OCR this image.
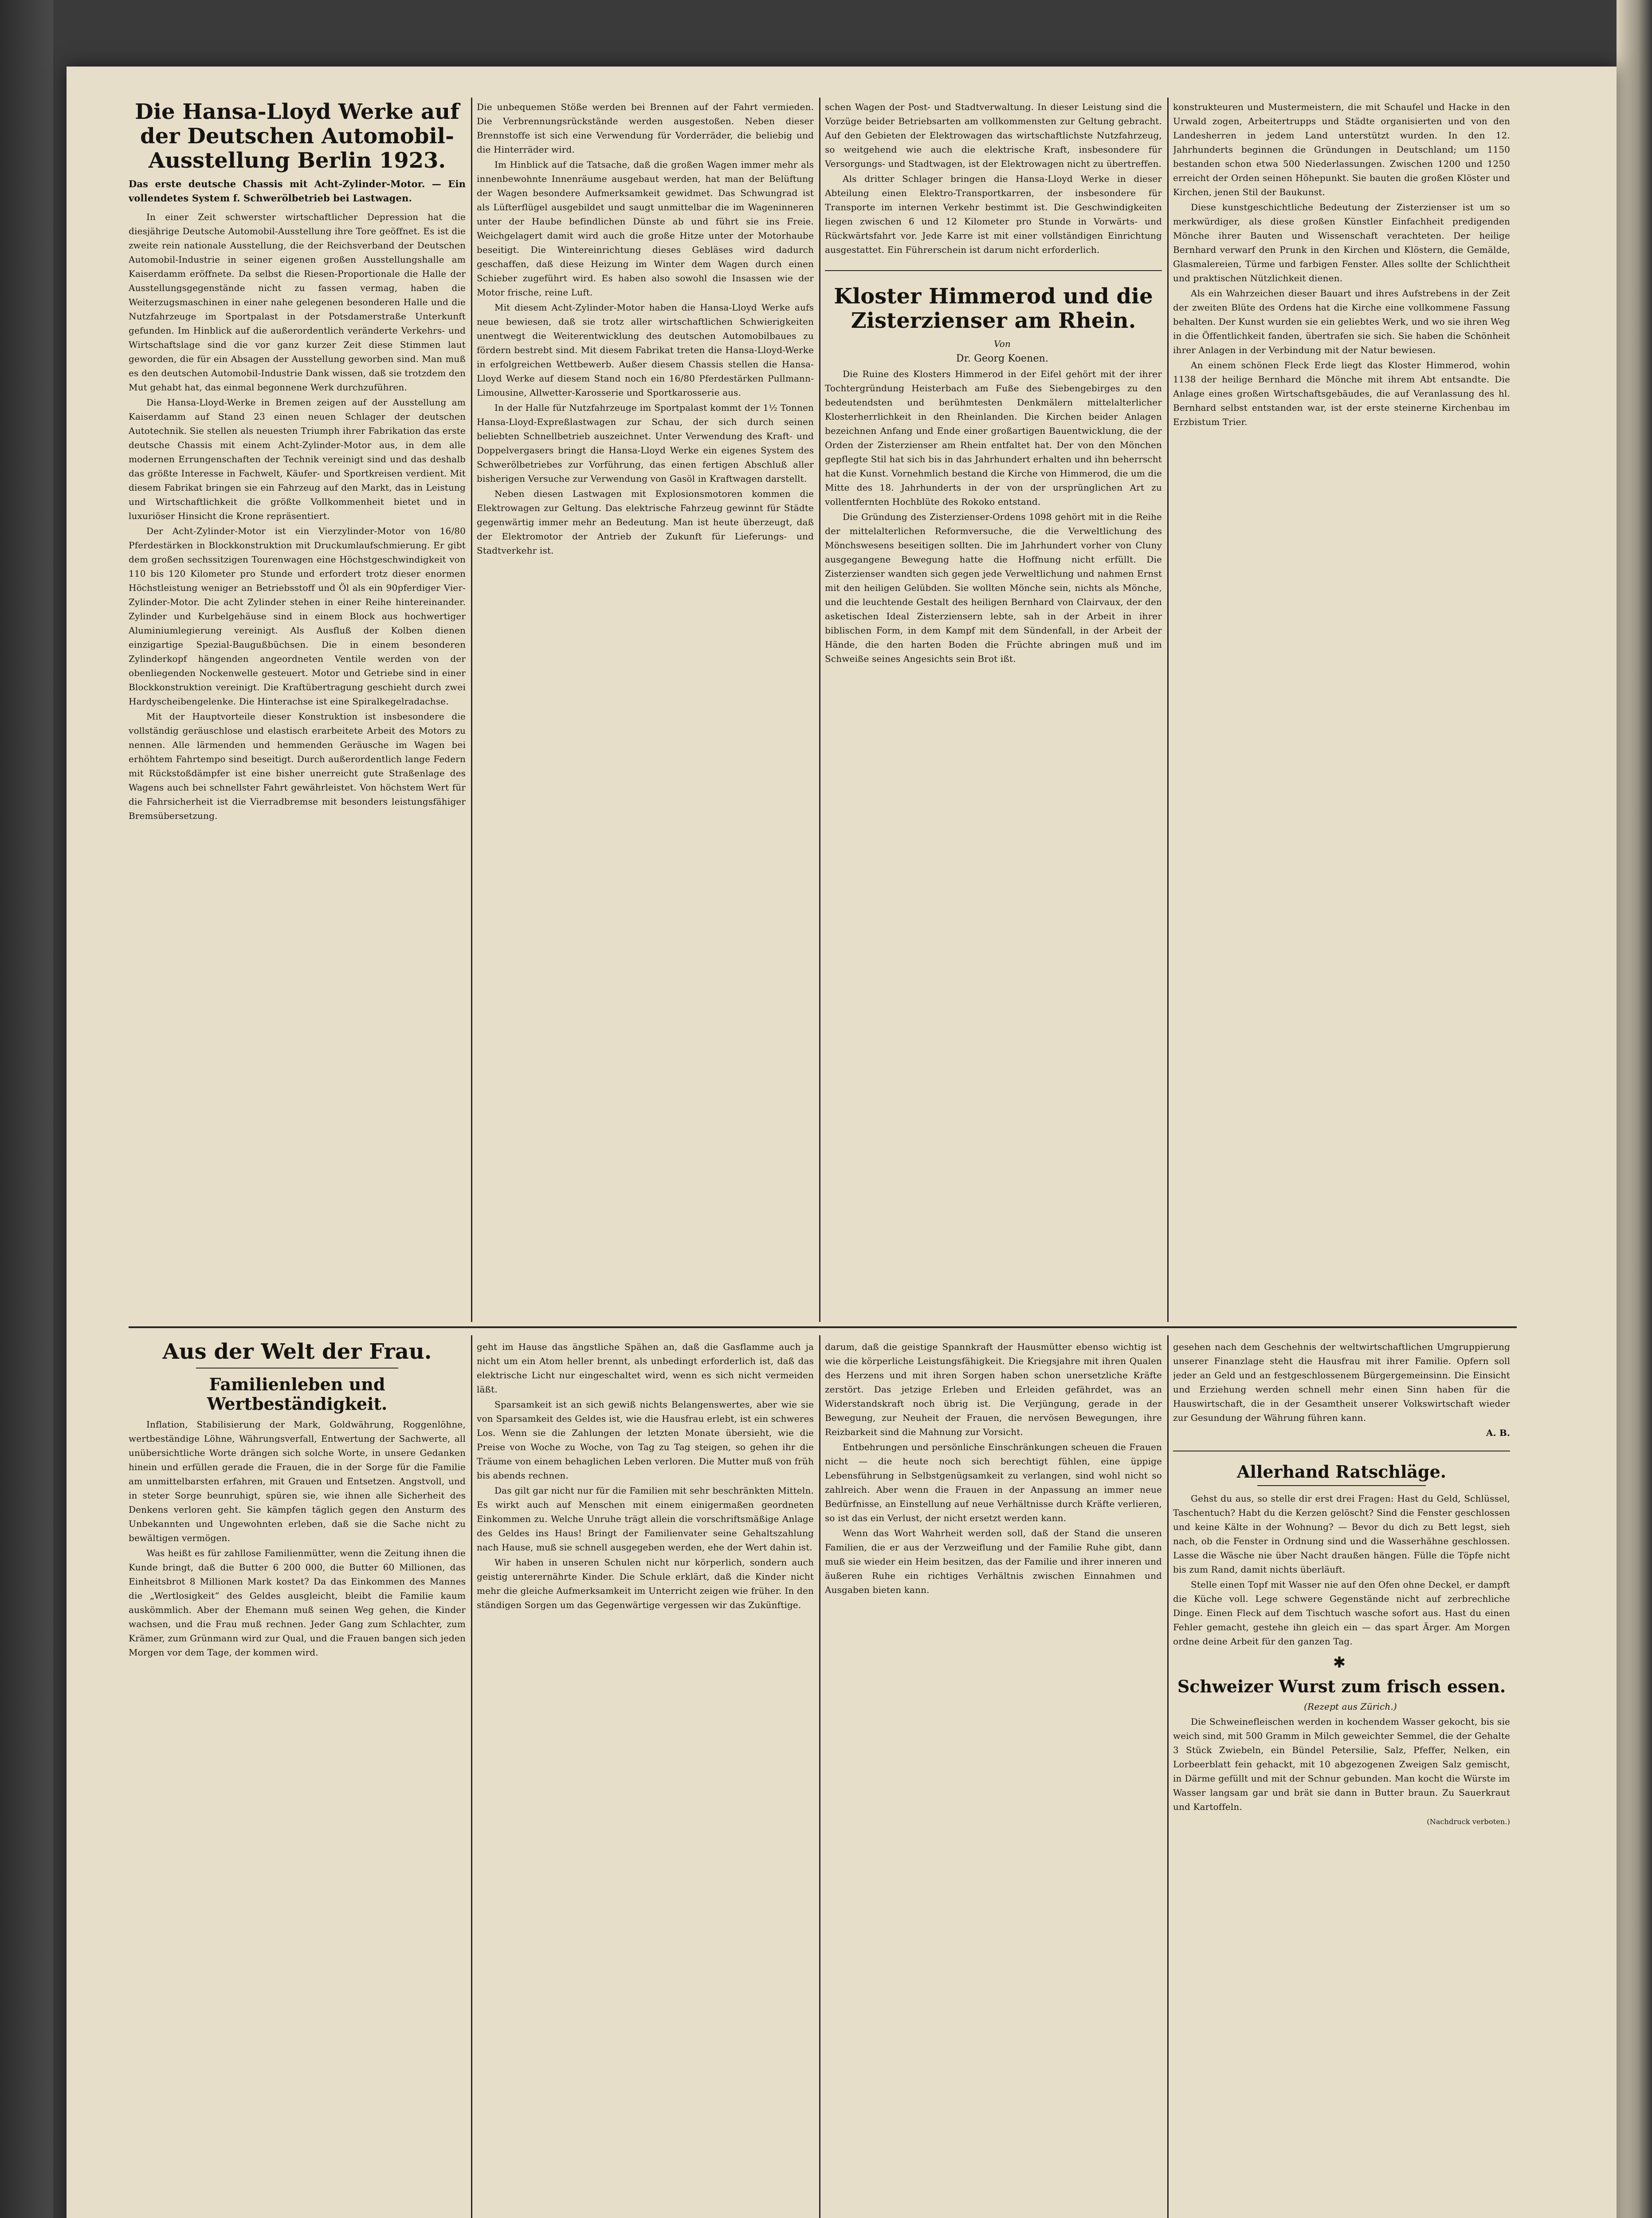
Die Hansa-Lloyd Werke auf der Deutschen Automobil-Ausstellung Berlin 1923.

Das erste deutsche Chassis mit Acht-Zylinder-Motor. — Ein vollendetes System f. Schwerölbetrieb bei Lastwagen.

In einer Zeit schwerster wirtschaftlicher Depression hat die diesjährige Deutsche Automobil-Ausstellung ihre Tore geöffnet. Es ist die zweite rein nationale Ausstellung, die der Reichsverband der Deutschen Automobil-Industrie in seiner eigenen großen Ausstellungshalle am Kaiserdamm eröffnete. Da selbst die Riesen-Proportionale die Halle der Ausstellungsgegenstände nicht zu fassen vermag, haben die Weiterzugsmaschinen in einer nahe gelegenen besonderen Halle und die Nutzfahrzeuge im Sportpalast in der Potsdamerstraße Unterkunft gefunden. Im Hinblick auf die außerordentlich veränderte Verkehrs- und Wirtschaftslage sind die vor ganz kurzer Zeit diese Stimmen laut geworden, die für ein Absagen der Ausstellung geworben sind. Man muß es den deutschen Automobil-Industrie Dank wissen, daß sie trotzdem den Mut gehabt hat, das einmal begonnene Werk durchzuführen.

Die Hansa-Lloyd-Werke in Bremen zeigen auf der Ausstellung am Kaiserdamm auf Stand 23 einen neuen Schlager der deutschen Autotechnik. Sie stellen als neuesten Triumph ihrer Fabrikation das erste deutsche Chassis mit einem Acht-Zylinder-Motor aus, in dem alle modernen Errungenschaften der Technik vereinigt sind und das deshalb das größte Interesse in Fachwelt, Käufer- und Sportkreisen verdient. Mit diesem Fabrikat bringen sie ein Fahrzeug auf den Markt, das in Leistung und Wirtschaftlichkeit die größte Vollkommenheit bietet und in luxuriöser Hinsicht die Krone repräsentiert.

Der Acht-Zylinder-Motor ist ein Vierzylinder-Motor von 16/80 Pferdestärken in Blockkonstruktion mit Druckumlaufschmierung. Er gibt dem großen sechssitzigen Tourenwagen eine Höchstgeschwindigkeit von 110 bis 120 Kilometer pro Stunde und erfordert trotz dieser enormen Höchstleistung weniger an Betriebsstoff und Öl als ein 90pferdiger Vier-Zylinder-Motor. Die acht Zylinder stehen in einer Reihe hintereinander. Zylinder und Kurbelgehäuse sind in einem Block aus hochwertiger Aluminiumlegierung vereinigt. Als Ausfluß der Kolben dienen einzigartige Spezial-Baugußbüchsen. Die in einem besonderen Zylinderkopf hängenden angeordneten Ventile werden von der obenliegenden Nockenwelle gesteuert. Motor und Getriebe sind in einer Blockkonstruktion vereinigt. Die Kraftübertragung geschieht durch zwei Hardyscheibengelenke. Die Hinterachse ist eine Spiralkegelradachse.

Mit der Hauptvorteile dieser Konstruktion ist insbesondere die vollständig geräuschlose und elastisch erarbeitete Arbeit des Motors zu nennen. Alle lärmenden und hemmenden Geräusche im Wagen bei erhöhtem Fahrtempo sind beseitigt. Durch außerordentlich lange Federn mit Rückstoßdämpfer ist eine bisher unerreicht gute Straßenlage des Wagens auch bei schnellster Fahrt gewährleistet. Von höchstem Wert für die Fahrsicherheit ist die Vierradbremse mit besonders leistungsfähiger Bremsübersetzung.

Die unbequemen Stöße werden bei Brennen auf der Fahrt vermieden. Die Verbrennungsrückstände werden ausgestoßen. Neben dieser Brennstoffe ist sich eine Verwendung für Vorderräder, die beliebig und die Hinterräder wird.

Im Hinblick auf die Tatsache, daß die großen Wagen immer mehr als innenbewohnte Innenräume ausgebaut werden, hat man der Belüftung der Wagen besondere Aufmerksamkeit gewidmet. Das Schwungrad ist als Lüfterflügel ausgebildet und saugt unmittelbar die im Wageninneren unter der Haube befindlichen Dünste ab und führt sie ins Freie. Weichgelagert damit wird auch die große Hitze unter der Motorhaube beseitigt. Die Wintereinrichtung dieses Gebläses wird dadurch geschaffen, daß diese Heizung im Winter dem Wagen durch einen Schieber zugeführt wird. Es haben also sowohl die Insassen wie der Motor frische, reine Luft.

Mit diesem Acht-Zylinder-Motor haben die Hansa-Lloyd Werke aufs neue bewiesen, daß sie trotz aller wirtschaftlichen Schwierigkeiten unentwegt die Weiterentwicklung des deutschen Automobilbaues zu fördern bestrebt sind. Mit diesem Fabrikat treten die Hansa-Lloyd-Werke in erfolgreichen Wettbewerb. Außer diesem Chassis stellen die Hansa-Lloyd Werke auf diesem Stand noch ein 16/80 Pferdestärken Pullmann-Limousine, Allwetter-Karosserie und Sportkarosserie aus.

In der Halle für Nutzfahrzeuge im Sportpalast kommt der 1½ Tonnen Hansa-Lloyd-Expreßlastwagen zur Schau, der sich durch seinen beliebten Schnellbetrieb auszeichnet. Unter Verwendung des Kraft- und Doppelvergasers bringt die Hansa-Lloyd Werke ein eigenes System des Schwerölbetriebes zur Vorführung, das einen fertigen Abschluß aller bisherigen Versuche zur Verwendung von Gasöl in Kraftwagen darstellt.

Neben diesen Lastwagen mit Explosionsmotoren kommen die Elektrowagen zur Geltung. Das elektrische Fahrzeug gewinnt für Städte gegenwärtig immer mehr an Bedeutung. Man ist heute überzeugt, daß der Elektromotor der Antrieb der Zukunft für Lieferungs- und Stadtverkehr ist.

schen Wagen der Post- und Stadtverwaltung. In dieser Leistung sind die Vorzüge beider Betriebsarten am vollkommensten zur Geltung gebracht. Auf den Gebieten der Elektrowagen das wirtschaftlichste Nutzfahrzeug, so weitgehend wie auch die elektrische Kraft, insbesondere für Versorgungs- und Stadtwagen, ist der Elektrowagen nicht zu übertreffen.

Als dritter Schlager bringen die Hansa-Lloyd Werke in dieser Abteilung einen Elektro-Transportkarren, der insbesondere für Transporte im internen Verkehr bestimmt ist. Die Geschwindigkeiten liegen zwischen 6 und 12 Kilometer pro Stunde in Vorwärts- und Rückwärtsfahrt vor. Jede Karre ist mit einer vollständigen Einrichtung ausgestattet. Ein Führerschein ist darum nicht erforderlich.

Kloster Himmerod und die Zisterzienser am Rhein.

Von

Dr. Georg Koenen.

Die Ruine des Klosters Himmerod in der Eifel gehört mit der ihrer Tochtergründung Heisterbach am Fuße des Siebengebirges zu den bedeutendsten und berühmtesten Denkmälern mittelalterlicher Klosterherrlichkeit in den Rheinlanden. Die Kirchen beider Anlagen bezeichnen Anfang und Ende einer großartigen Bauentwicklung, die der Orden der Zisterzienser am Rhein entfaltet hat. Der von den Mönchen gepflegte Stil hat sich bis in das Jahrhundert erhalten und ihn beherrscht hat die Kunst. Vornehmlich bestand die Kirche von Himmerod, die um die Mitte des 18. Jahrhunderts in der von der ursprünglichen Art zu vollentfernten Hochblüte des Rokoko entstand.

Die Gründung des Zisterzienser-Ordens 1098 gehört mit in die Reihe der mittelalterlichen Reformversuche, die die Verweltlichung des Mönchswesens beseitigen sollten. Die im Jahrhundert vorher von Cluny ausgegangene Bewegung hatte die Hoffnung nicht erfüllt. Die Zisterzienser wandten sich gegen jede Verweltlichung und nahmen Ernst mit den heiligen Gelübden. Sie wollten Mönche sein, nichts als Mönche, und die leuchtende Gestalt des heiligen Bernhard von Clairvaux, der den asketischen Ideal Zisterziensern lebte, sah in der Arbeit in ihrer biblischen Form, in dem Kampf mit dem Sündenfall, in der Arbeit der Hände, die den harten Boden die Früchte abringen muß und im Schweiße seines Angesichts sein Brot ißt.

konstrukteuren und Mustermeistern, die mit Schaufel und Hacke in den Urwald zogen, Arbeitertrupps und Städte organisierten und von den Landesherren in jedem Land unterstützt wurden. In den 12. Jahrhunderts beginnen die Gründungen in Deutschland; um 1150 bestanden schon etwa 500 Niederlassungen. Zwischen 1200 und 1250 erreicht der Orden seinen Höhepunkt. Sie bauten die großen Klöster und Kirchen, jenen Stil der Baukunst.

Diese kunstgeschichtliche Bedeutung der Zisterzienser ist um so merkwürdiger, als diese großen Künstler Einfachheit predigenden Mönche ihrer Bauten und Wissenschaft verachteten. Der heilige Bernhard verwarf den Prunk in den Kirchen und Klöstern, die Gemälde, Glasmalereien, Türme und farbigen Fenster. Alles sollte der Schlichtheit und praktischen Nützlichkeit dienen.

Als ein Wahrzeichen dieser Bauart und ihres Aufstrebens in der Zeit der zweiten Blüte des Ordens hat die Kirche eine vollkommene Fassung behalten. Der Kunst wurden sie ein geliebtes Werk, und wo sie ihren Weg in die Öffentlichkeit fanden, übertrafen sie sich. Sie haben die Schönheit ihrer Anlagen in der Verbindung mit der Natur bewiesen.

An einem schönen Fleck Erde liegt das Kloster Himmerod, wohin 1138 der heilige Bernhard die Mönche mit ihrem Abt entsandte. Die Anlage eines großen Wirtschaftsgebäudes, die auf Veranlassung des hl. Bernhard selbst entstanden war, ist der erste steinerne Kirchenbau im Erzbistum Trier.

Aus der Welt der Frau.
Familienleben und Wertbeständigkeit.

Inflation, Stabilisierung der Mark, Goldwährung, Roggenlöhne, wertbeständige Löhne, Währungsverfall, Entwertung der Sachwerte, all unübersichtliche Worte drängen sich solche Worte, in unsere Gedanken hinein und erfüllen gerade die Frauen, die in der Sorge für die Familie am unmittelbarsten erfahren, mit Grauen und Entsetzen. Angstvoll, und in steter Sorge beunruhigt, spüren sie, wie ihnen alle Sicherheit des Denkens verloren geht. Sie kämpfen täglich gegen den Ansturm des Unbekannten und Ungewohnten erleben, daß sie die Sache nicht zu bewältigen vermögen.

Was heißt es für zahllose Familienmütter, wenn die Zeitung ihnen die Kunde bringt, daß die Butter 6 200 000, die Butter 60 Millionen, das Einheitsbrot 8 Millionen Mark kostet? Da das Einkommen des Mannes die „Wertlosigkeit“ des Geldes ausgleicht, bleibt die Familie kaum auskömmlich. Aber der Ehemann muß seinen Weg gehen, die Kinder wachsen, und die Frau muß rechnen. Jeder Gang zum Schlachter, zum Krämer, zum Grünmann wird zur Qual, und die Frauen bangen sich jeden Morgen vor dem Tage, der kommen wird.

geht im Hause das ängstliche Spähen an, daß die Gasflamme auch ja nicht um ein Atom heller brennt, als unbedingt erforderlich ist, daß das elektrische Licht nur eingeschaltet wird, wenn es sich nicht vermeiden läßt.

Sparsamkeit ist an sich gewiß nichts Belangenswertes, aber wie sie von Sparsamkeit des Geldes ist, wie die Hausfrau erlebt, ist ein schweres Los. Wenn sie die Zahlungen der letzten Monate übersieht, wie die Preise von Woche zu Woche, von Tag zu Tag steigen, so gehen ihr die Träume von einem behaglichen Leben verloren. Die Mutter muß von früh bis abends rechnen.

Das gilt gar nicht nur für die Familien mit sehr beschränkten Mitteln. Es wirkt auch auf Menschen mit einem einigermaßen geordneten Einkommen zu. Welche Unruhe trägt allein die vorschriftsmäßige Anlage des Geldes ins Haus! Bringt der Familienvater seine Gehaltszahlung nach Hause, muß sie schnell ausgegeben werden, ehe der Wert dahin ist.

Wir haben in unseren Schulen nicht nur körperlich, sondern auch geistig unterernährte Kinder. Die Schule erklärt, daß die Kinder nicht mehr die gleiche Aufmerksamkeit im Unterricht zeigen wie früher. In den ständigen Sorgen um das Gegenwärtige vergessen wir das Zukünftige.

darum, daß die geistige Spannkraft der Hausmütter ebenso wichtig ist wie die körperliche Leistungsfähigkeit. Die Kriegsjahre mit ihren Qualen des Herzens und mit ihren Sorgen haben schon unersetzliche Kräfte zerstört. Das jetzige Erleben und Erleiden gefährdet, was an Widerstandskraft noch übrig ist. Die Verjüngung, gerade in der Bewegung, zur Neuheit der Frauen, die nervösen Bewegungen, ihre Reizbarkeit sind die Mahnung zur Vorsicht.

Entbehrungen und persönliche Einschränkungen scheuen die Frauen nicht — die heute noch sich berechtigt fühlen, eine üppige Lebensführung in Selbstgenügsamkeit zu verlangen, sind wohl nicht so zahlreich. Aber wenn die Frauen in der Anpassung an immer neue Bedürfnisse, an Einstellung auf neue Verhältnisse durch Kräfte verlieren, so ist das ein Verlust, der nicht ersetzt werden kann.

Wenn das Wort Wahrheit werden soll, daß der Stand die unseren Familien, die er aus der Verzweiflung und der Familie Ruhe gibt, dann muß sie wieder ein Heim besitzen, das der Familie und ihrer inneren und äußeren Ruhe ein richtiges Verhältnis zwischen Einnahmen und Ausgaben bieten kann.

gesehen nach dem Geschehnis der weltwirtschaftlichen Umgruppierung unserer Finanzlage steht die Hausfrau mit ihrer Familie. Opfern soll jeder an Geld und an festgeschlossenem Bürgergemeinsinn. Die Einsicht und Erziehung werden schnell mehr einen Sinn haben für die Hauswirtschaft, die in der Gesamtheit unserer Volkswirtschaft wieder zur Gesundung der Währung führen kann.

A. B.

Allerhand Ratschläge.

Gehst du aus, so stelle dir erst drei Fragen: Hast du Geld, Schlüssel, Taschentuch? Habt du die Kerzen gelöscht? Sind die Fenster geschlossen und keine Kälte in der Wohnung? — Bevor du dich zu Bett legst, sieh nach, ob die Fenster in Ordnung sind und die Wasserhähne geschlossen. Lasse die Wäsche nie über Nacht draußen hängen. Fülle die Töpfe nicht bis zum Rand, damit nichts überläuft.

Stelle einen Topf mit Wasser nie auf den Ofen ohne Deckel, er dampft die Küche voll. Lege schwere Gegenstände nicht auf zerbrechliche Dinge. Einen Fleck auf dem Tischtuch wasche sofort aus. Hast du einen Fehler gemacht, gestehe ihn gleich ein — das spart Ärger. Am Morgen ordne deine Arbeit für den ganzen Tag.

✱
Schweizer Wurst zum frisch essen.

(Rezept aus Zürich.)

Die Schweinefleischen werden in kochendem Wasser gekocht, bis sie weich sind, mit 500 Gramm in Milch geweichter Semmel, die der Gehalte 3 Stück Zwiebeln, ein Bündel Petersilie, Salz, Pfeffer, Nelken, ein Lorbeerblatt fein gehackt, mit 10 abgezogenen Zweigen Salz gemischt, in Därme gefüllt und mit der Schnur gebunden. Man kocht die Würste im Wasser langsam gar und brät sie dann in Butter braun. Zu Sauerkraut und Kartoffeln.

(Nachdruck verboten.)
